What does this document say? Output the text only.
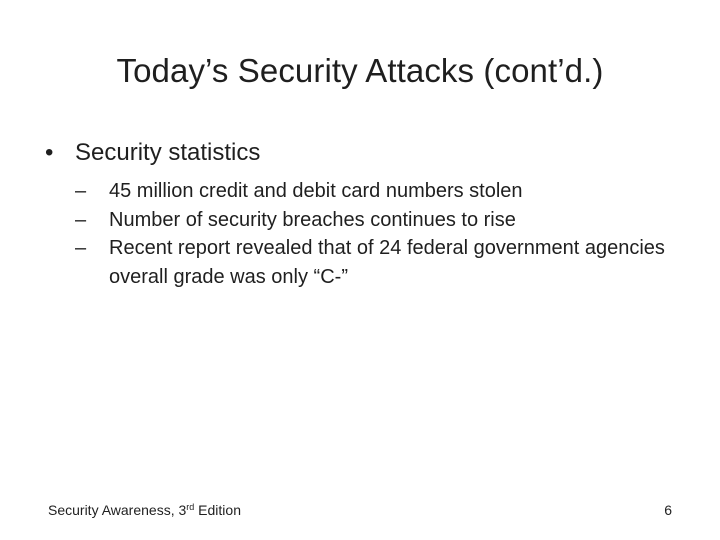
Today’s Security Attacks (cont’d.)
• Security statistics
–	45 million credit and debit card numbers stolen
–	Number of security breaches continues to rise
–	Recent report revealed that of 24 federal government agencies overall grade was only “C-”
Security Awareness, 3rd Edition	6
